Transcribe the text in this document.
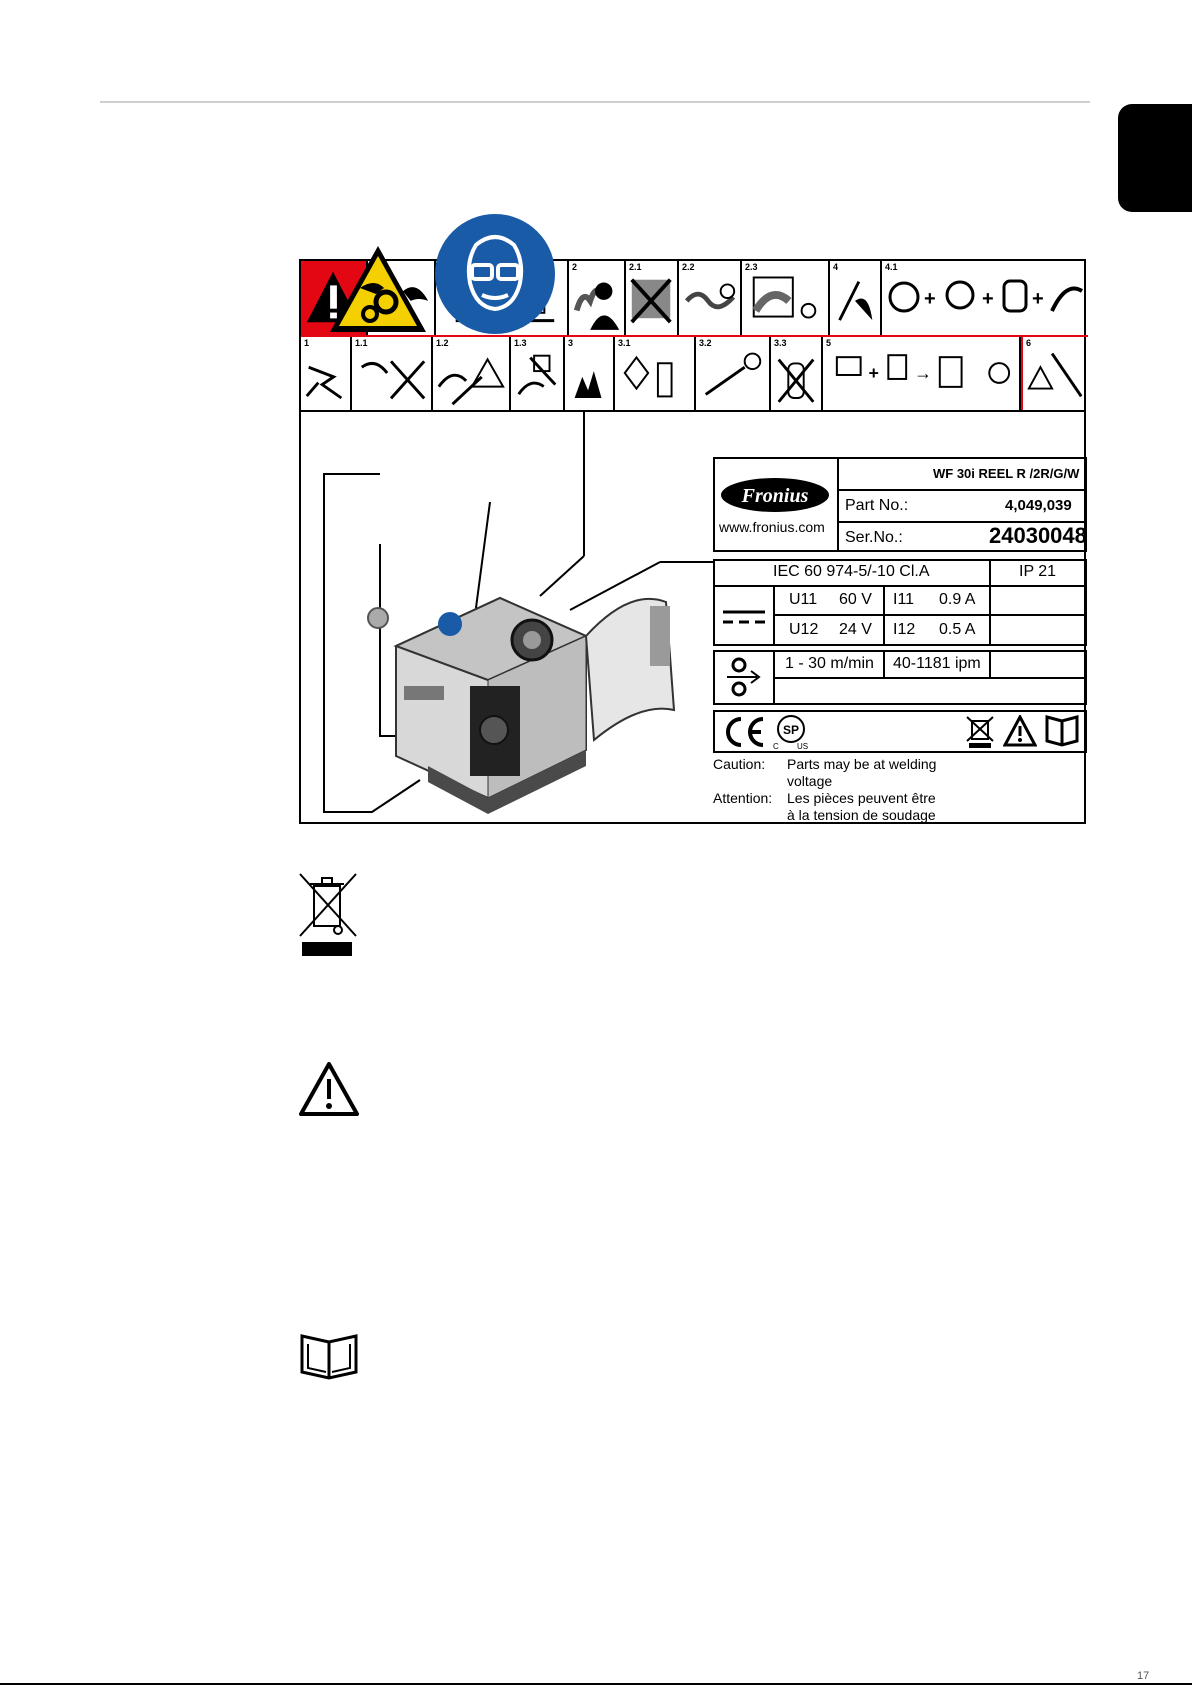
2	2.1	2.2	2.3	4	4.1
+ + +
1	1.1	1.2	1.3	3	3.1	3.2	3.3	5
+ →
6
Fronius
www.fronius.com
WF 30i REEL R /2R/G/W
Part No.:	4,049,039
Ser.No.:	24030048
IEC 60 974-5/-10 Cl.A	IP 21
U11 60 V I11 0.9 A
U12 24 V I12 0.5 A
1 - 30 m/min 40-1181 ipm
SP
C US
Caution: Parts may be at welding
voltage
Attention: Les pièces peuvent être
à la tension de soudage
17
